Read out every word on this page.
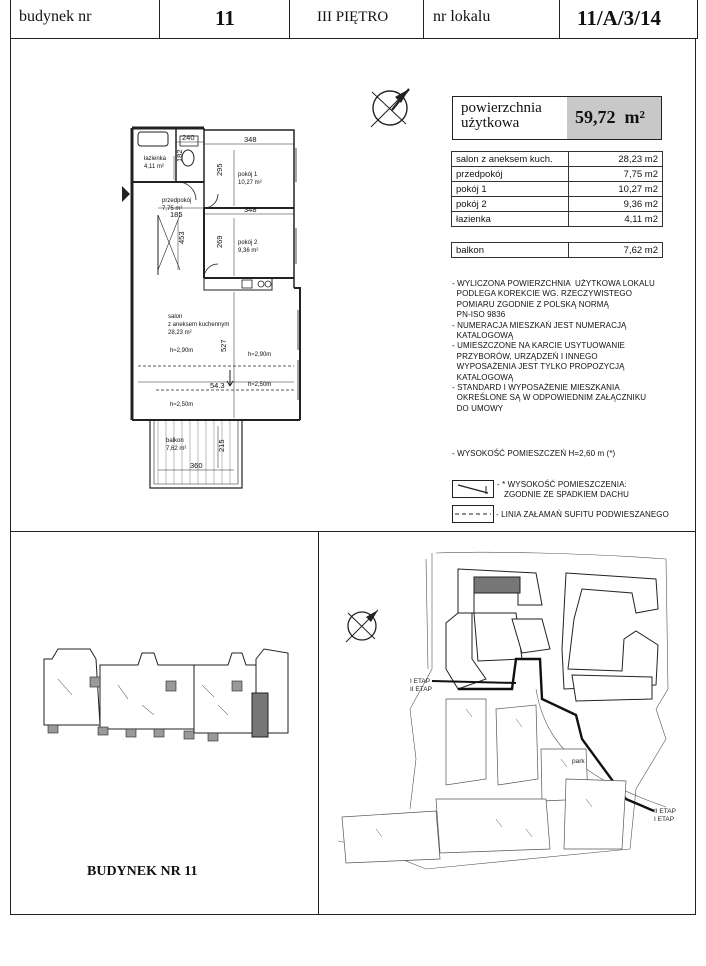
budynek nr	11	III PIĘTRO	nr lokalu	11/A/3/14
powierzchnia
użytkowa	59,72  m²
salon z aneksem kuch.	28,23 m2
przedpokój	7,75 m2
pokój 1	10,27 m2
pokój 2	9,36 m2
łazienka	4,11 m2
balkon	7,62 m2
- WYLICZONA POWIERZCHNIA  UŻYTKOWA LOKALU
PODLEGA KOREKCIE WG. RZECZYWISTEGO
POMIARU ZGODNIE Z POLSKĄ NORMĄ
PN-ISO 9836
- NUMERACJA MIESZKAŃ JEST NUMERACJĄ
KATALOGOWĄ
- UMIESZCZONE NA KARCIE USYTUOWANIE
PRZYBORÓW, URZĄDZEŃ I INNEGO
WYPOSAŻENIA JEST TYLKO PROPOZYCJĄ
KATALOGOWĄ
- STANDARD I WYPOSAŻENIE MIESZKANIA
OKREŚLONE SĄ W ODPOWIEDNIM ZAŁĄCZNIKU
DO UMOWY
- WYSOKOŚĆ POMIESZCZEŃ H=2,60 m (*)
- * WYSOKOŚĆ POMIESZCZENIA:
ZGODNIE ZE SPADKIEM DACHU
- LINIA ZAŁAMAŃ SUFITU PODWIESZANEGO
240	348
348
295
182
185
453	269
527
54.3
215
360
łazienka
4,11 m²
przedpokój
7,75 m²
pokój 1
10,27 m²
pokój 2
9,36 m²
salon
z aneksem kuchennym
28,23 m²
h≈2,90m
h≈2,90m
h≈2,50m
h≈2,50m
balkon
7,62 m²
BUDYNEK NR 11
I ETAP
II ETAP
II ETAP
I ETAP
park
